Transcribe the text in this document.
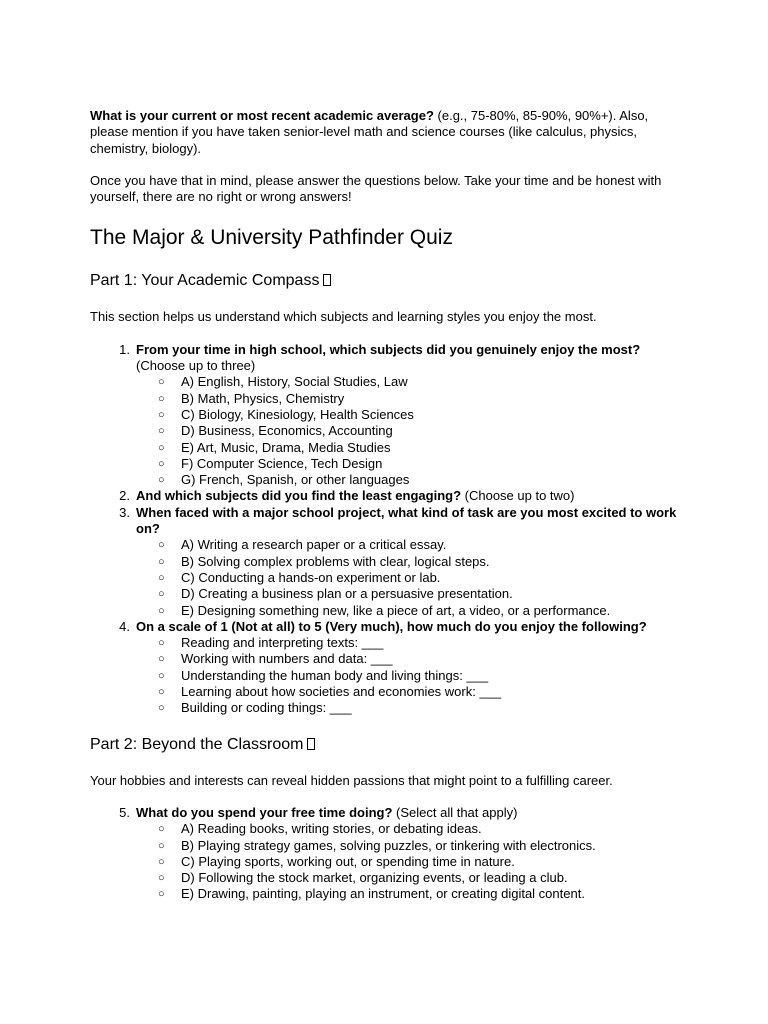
What is your current or most recent academic average? (e.g., 75-80%, 85-90%, 90%+). Also, please mention if you have taken senior-level math and science courses (like calculus, physics, chemistry, biology).

Once you have that in mind, please answer the questions below. Take your time and be honest with yourself, there are no right or wrong answers!

The Major & University Pathfinder Quiz
Part 1: Your Academic Compass

This section helps us understand which subjects and learning styles you enjoy the most.

1. From your time in high school, which subjects did you genuinely enjoy the most? (Choose up to three)
○ A) English, History, Social Studies, Law
○ B) Math, Physics, Chemistry
○ C) Biology, Kinesiology, Health Sciences
○ D) Business, Economics, Accounting
○ E) Art, Music, Drama, Media Studies
○ F) Computer Science, Tech Design
○ G) French, Spanish, or other languages
2. And which subjects did you find the least engaging? (Choose up to two)
3. When faced with a major school project, what kind of task are you most excited to work on?
○ A) Writing a research paper or a critical essay.
○ B) Solving complex problems with clear, logical steps.
○ C) Conducting a hands-on experiment or lab.
○ D) Creating a business plan or a persuasive presentation.
○ E) Designing something new, like a piece of art, a video, or a performance.
4. On a scale of 1 (Not at all) to 5 (Very much), how much do you enjoy the following?
○ Reading and interpreting texts: ___
○ Working with numbers and data: ___
○ Understanding the human body and living things: ___
○ Learning about how societies and economies work: ___
○ Building or coding things: ___
Part 2: Beyond the Classroom

Your hobbies and interests can reveal hidden passions that might point to a fulfilling career.

5. What do you spend your free time doing? (Select all that apply)
○ A) Reading books, writing stories, or debating ideas.
○ B) Playing strategy games, solving puzzles, or tinkering with electronics.
○ C) Playing sports, working out, or spending time in nature.
○ D) Following the stock market, organizing events, or leading a club.
○ E) Drawing, painting, playing an instrument, or creating digital content.
